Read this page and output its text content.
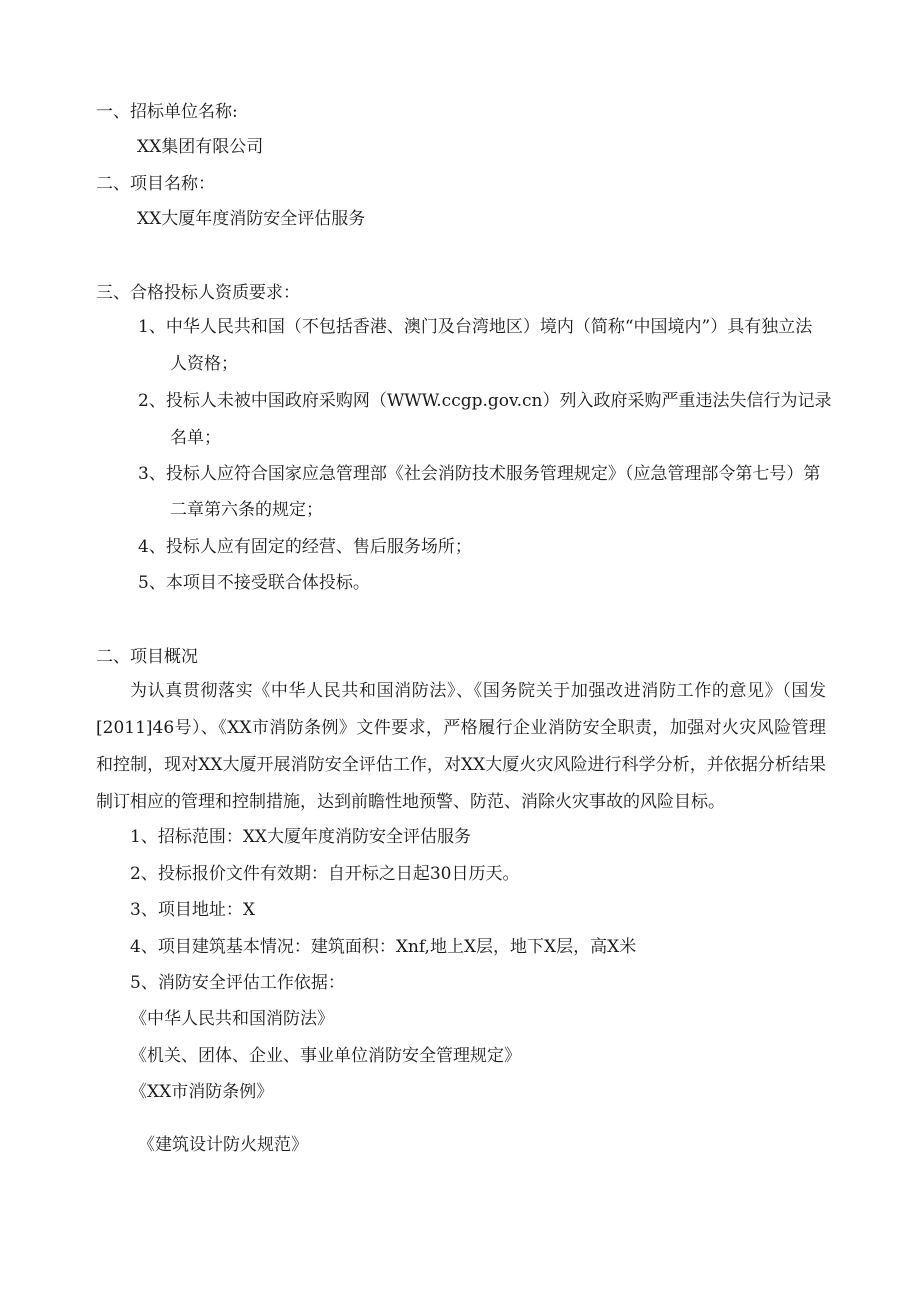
一、招标单位名称:
XX集团有限公司
二、项目名称：
XX大厦年度消防安全评估服务
三、合格投标人资质要求：
1、中华人民共和国（不包括香港、澳门及台湾地区）境内（简称“中国境内”）具有独立法
人资格；
2、投标人未被中国政府采购网（WWW.ccgp.gov.cn）列入政府采购严重违法失信行为记录
名单；
3、投标人应符合国家应急管理部《社会消防技术服务管理规定》（应急管理部令第七号）第
二章第六条的规定；
4、投标人应有固定的经营、售后服务场所；
5、本项目不接受联合体投标。
二、项目概况
为认真贯彻落实《中华人民共和国消防法》、《国务院关于加强改进消防工作的意见》（国发[2011]46号）、《XX市消防条例》文件要求，严格履行企业消防安全职责，加强对火灾风险管理和控制，现对XX大厦开展消防安全评估工作，对XX大厦火灾风险进行科学分析，并依据分析结果制订相应的管理和控制措施，达到前瞻性地预警、防范、消除火灾事故的风险目标。
1、招标范围：XX大厦年度消防安全评估服务
2、投标报价文件有效期：自开标之日起30日历天。
3、项目地址：X
4、项目建筑基本情况：建筑面积：Xnf,地上X层，地下X层，高X米
5、消防安全评估工作依据：
《中华人民共和国消防法》
《机关、团体、企业、事业单位消防安全管理规定》
《XX市消防条例》
《建筑设计防火规范》
